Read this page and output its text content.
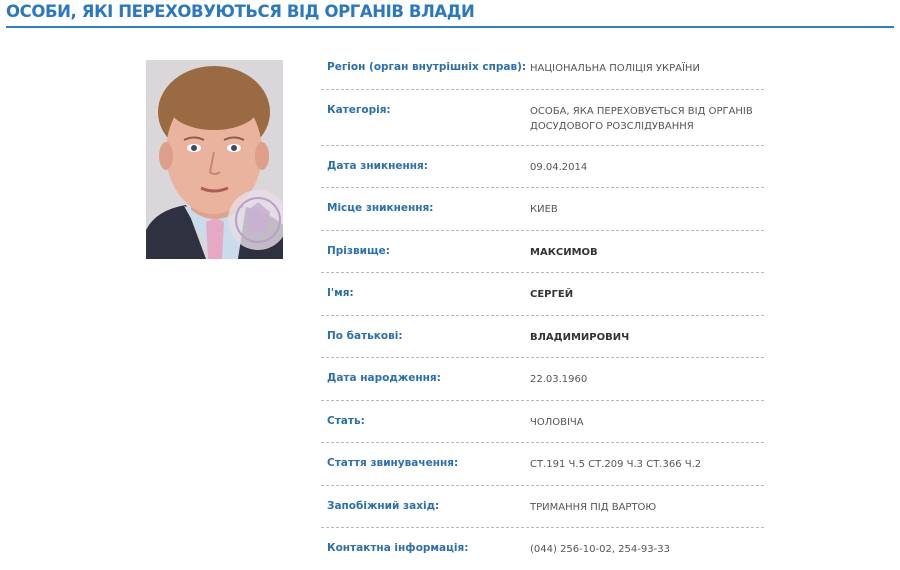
ОСОБИ, ЯКІ ПЕРЕХОВУЮТЬСЯ ВІД ОРГАНІВ ВЛАДИ
Регіон (орган внутрішніх справ): НАЦІОНАЛЬНА ПОЛІЦІЯ УКРАЇНИ
Категорія:	ОСОБА, ЯКА ПЕРЕХОВУЄТЬСЯ ВІД ОРГАНІВ
ДОСУДОВОГО РОЗСЛІДУВАННЯ
Дата зникнення:	09.04.2014
Місце зникнення:	КИЕВ
Прізвище:	МАКСИМОВ
І'мя:	СЕРГЕЙ
По батькові:	ВЛАДИМИРОВИЧ
Дата народження:	22.03.1960
Стать:	ЧОЛОВІЧА
Стаття звинувачення:	СТ.191 Ч.5 СТ.209 Ч.3 СТ.366 Ч.2
Запобіжний захід:	ТРИМАННЯ ПІД ВАРТОЮ
Контактна інформація:	(044) 256-10-02, 254-93-33
